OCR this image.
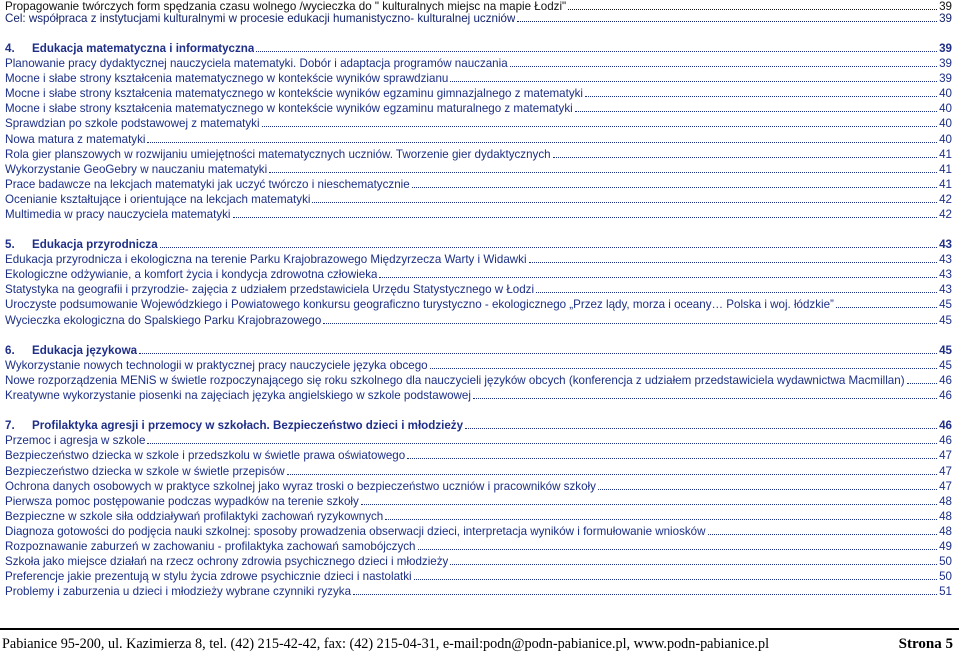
Propagowanie twórczych form spędzania czasu wolnego /wycieczka do " kulturalnych miejsc na mapie Łodzi"	39
Cel: współpraca z instytucjami kulturalnymi w procesie edukacji humanistyczno- kulturalnej uczniów	39
4.	Edukacja matematyczna i informatyczna	39
Planowanie pracy dydaktycznej nauczyciela matematyki. Dobór i adaptacja programów nauczania	39
Mocne i słabe strony kształcenia matematycznego w kontekście wyników sprawdzianu	39
Mocne i słabe strony kształcenia matematycznego w kontekście wyników egzaminu gimnazjalnego z matematyki	40
Mocne i słabe strony kształcenia matematycznego w kontekście wyników egzaminu maturalnego z matematyki	40
Sprawdzian po szkole podstawowej z matematyki	40
Nowa matura z matematyki	40
Rola gier planszowych w rozwijaniu umiejętności matematycznych uczniów. Tworzenie gier dydaktycznych	41
Wykorzystanie GeoGebry w nauczaniu matematyki	41
Prace badawcze na lekcjach matematyki jak uczyć twórczo i nieschematycznie	41
Ocenianie kształtujące i orientujące na lekcjach matematyki	42
Multimedia w pracy nauczyciela matematyki	42
5.	Edukacja przyrodnicza	43
Edukacja przyrodnicza i ekologiczna na terenie Parku Krajobrazowego Międzyrzecza Warty i Widawki	43
Ekologiczne odżywianie, a komfort życia i kondycja zdrowotna człowieka	43
Statystyka na geografii i przyrodzie- zajęcia z udziałem przedstawiciela Urzędu Statystycznego w Łodzi	43
Uroczyste podsumowanie Wojewódzkiego i Powiatowego konkursu geograficzno turystyczno - ekologicznego „Przez lądy, morza i oceany… Polska i woj. łódzkie”	45
Wycieczka ekologiczna do Spalskiego Parku Krajobrazowego	45
6.	Edukacja językowa	45
Wykorzystanie nowych technologii w praktycznej pracy nauczyciele języka obcego	45
Nowe rozporządzenia MENiS w świetle rozpoczynającego się roku szkolnego dla nauczycieli języków obcych (konferencja z udziałem przedstawiciela wydawnictwa Macmillan)	46
Kreatywne wykorzystanie piosenki na zajęciach języka angielskiego w szkole podstawowej	46
7.	Profilaktyka agresji i przemocy w szkołach. Bezpieczeństwo dzieci i młodzieży	46
Przemoc i agresja w szkole	46
Bezpieczeństwo dziecka w szkole i przedszkolu w świetle prawa oświatowego	47
Bezpieczeństwo dziecka w szkole w świetle przepisów	47
Ochrona danych osobowych w praktyce szkolnej jako wyraz troski o bezpieczeństwo uczniów i pracowników szkoły	47
Pierwsza pomoc postępowanie podczas wypadków na terenie szkoły	48
Bezpieczne w szkole siła oddziaływań profilaktyki zachowań ryzykownych	48
Diagnoza gotowości do podjęcia nauki szkolnej: sposoby prowadzenia obserwacji dzieci, interpretacja wyników i formułowanie wniosków	48
Rozpoznawanie zaburzeń w zachowaniu - profilaktyka zachowań samobójczych	49
Szkoła jako miejsce działań na rzecz ochrony zdrowia psychicznego dzieci i młodzieży	50
Preferencje jakie prezentują w stylu życia zdrowe psychicznie dzieci i nastolatki	50
Problemy i zaburzenia u dzieci i młodzieży wybrane czynniki ryzyka	51
Pabianice 95-200, ul. Kazimierza 8, tel. (42) 215-42-42, fax: (42) 215-04-31, e-mail:podn@podn-pabianice.pl, www.podn-pabianice.pl	Strona 5
